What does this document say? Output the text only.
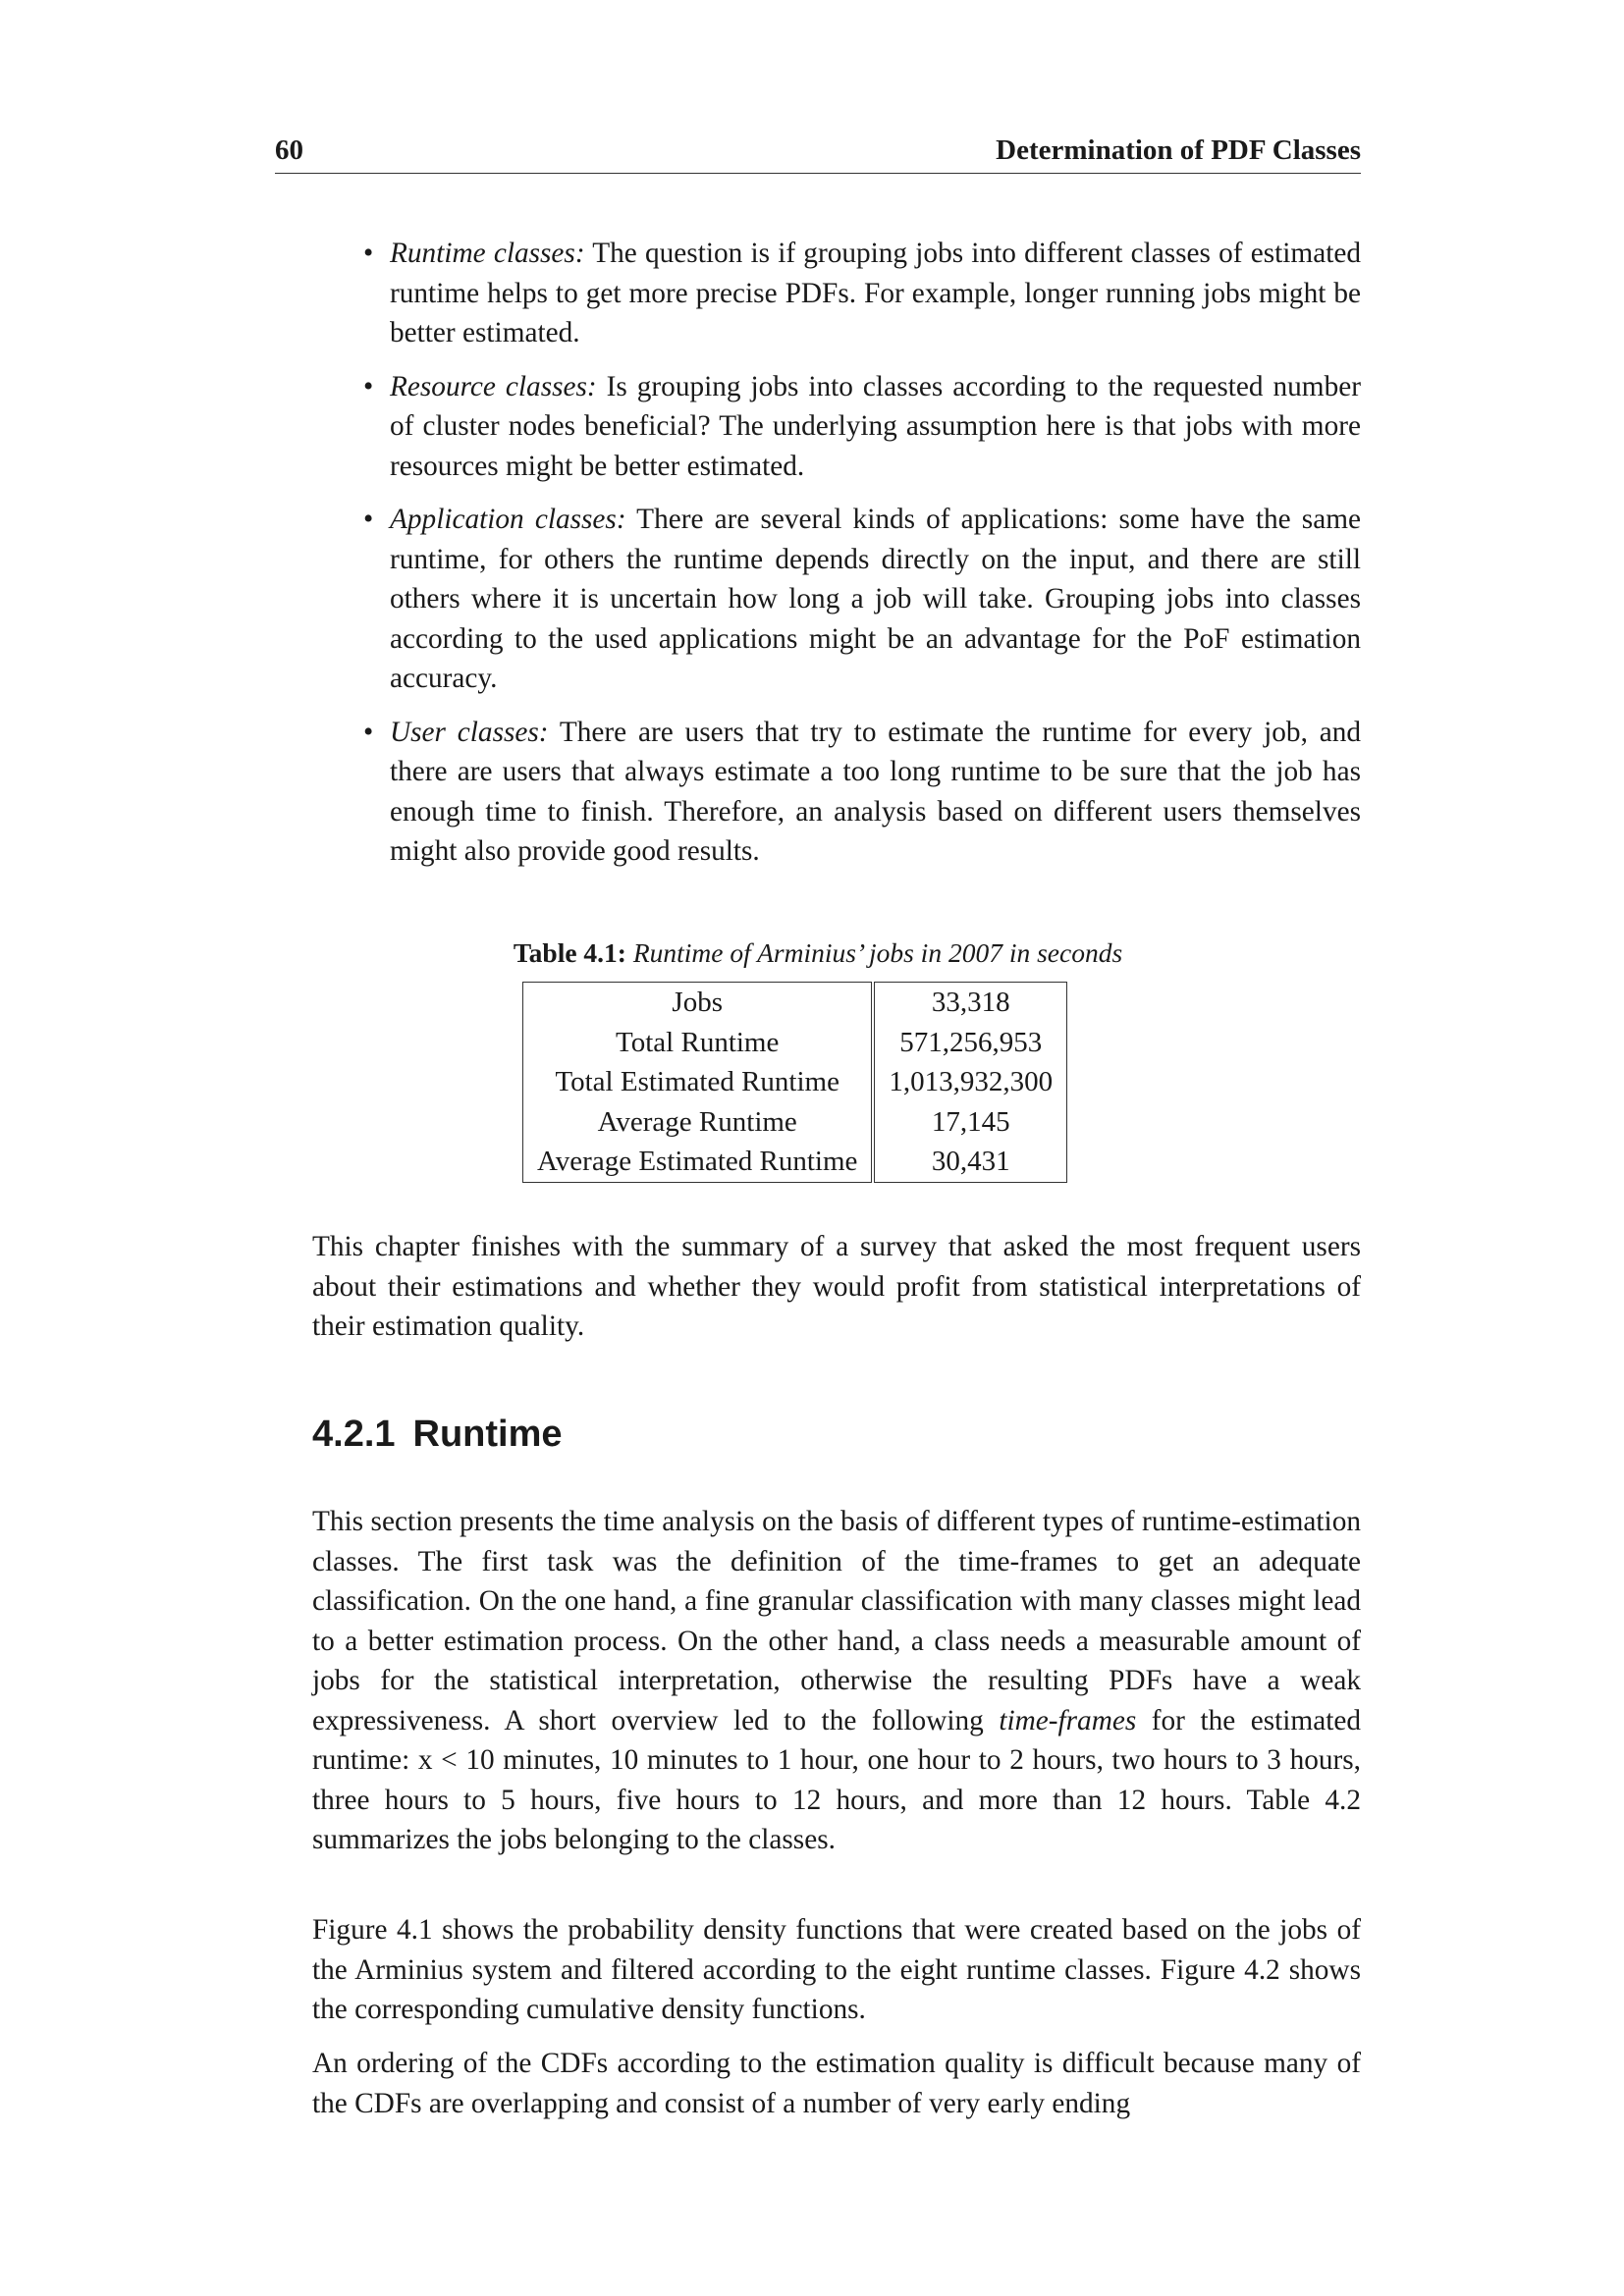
60	Determination of PDF Classes
• Runtime classes: The question is if grouping jobs into different classes of estimated runtime helps to get more precise PDFs. For example, longer running jobs might be better estimated.
• Resource classes: Is grouping jobs into classes according to the requested number of cluster nodes beneficial? The underlying assumption here is that jobs with more resources might be better estimated.
• Application classes: There are several kinds of applications: some have the same runtime, for others the runtime depends directly on the input, and there are still others where it is uncertain how long a job will take. Grouping jobs into classes according to the used applications might be an advantage for the PoF estimation accuracy.
• User classes: There are users that try to estimate the runtime for every job, and there are users that always estimate a too long runtime to be sure that the job has enough time to finish. Therefore, an analysis based on different users themselves might also provide good results.
Table 4.1: Runtime of Arminius’ jobs in 2007 in seconds
Jobs	33,318
Total Runtime	571,256,953
Total Estimated Runtime	1,013,932,300
Average Runtime	17,145
Average Estimated Runtime	30,431

This chapter finishes with the summary of a survey that asked the most frequent users about their estimations and whether they would profit from statistical interpretations of their estimation quality.

4.2.1 Runtime

This section presents the time analysis on the basis of different types of runtime-estimation classes. The first task was the definition of the time-frames to get an adequate classification. On the one hand, a fine granular classification with many classes might lead to a better estimation process. On the other hand, a class needs a measurable amount of jobs for the statistical interpretation, otherwise the resulting PDFs have a weak expressiveness. A short overview led to the following time-frames for the estimated runtime: x < 10 minutes, 10 minutes to 1 hour, one hour to 2 hours, two hours to 3 hours, three hours to 5 hours, five hours to 12 hours, and more than 12 hours. Table 4.2 summarizes the jobs belonging to the classes.

Figure 4.1 shows the probability density functions that were created based on the jobs of the Arminius system and filtered according to the eight runtime classes. Figure 4.2 shows the corresponding cumulative density functions.

An ordering of the CDFs according to the estimation quality is difficult because many of the CDFs are overlapping and consist of a number of very early ending
